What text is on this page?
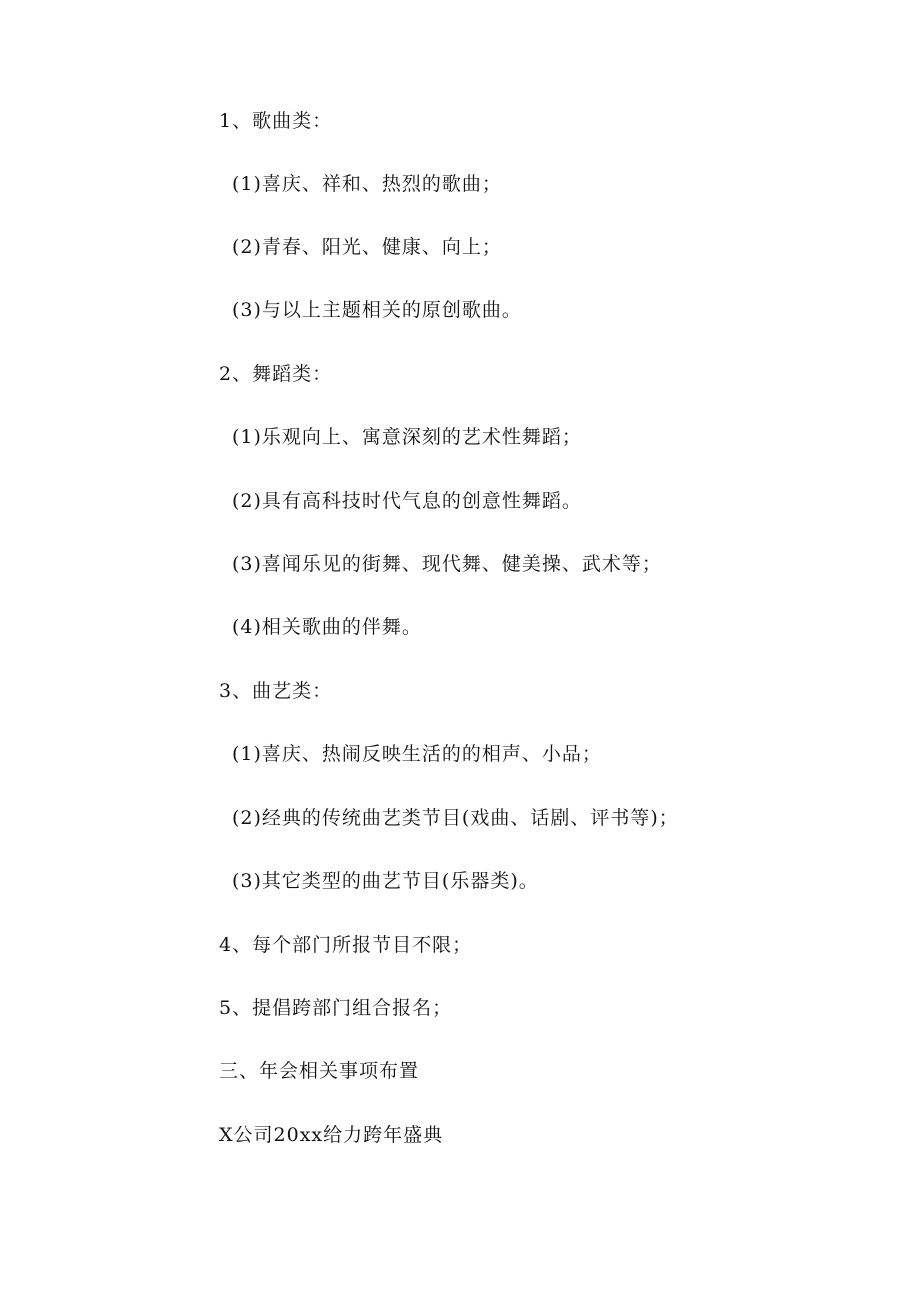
1、歌曲类：
(1)喜庆、祥和、热烈的歌曲；
(2)青春、阳光、健康、向上；
(3)与以上主题相关的原创歌曲。
2、舞蹈类：
(1)乐观向上、寓意深刻的艺术性舞蹈；
(2)具有高科技时代气息的创意性舞蹈。
(3)喜闻乐见的街舞、现代舞、健美操、武术等；
(4)相关歌曲的伴舞。
3、曲艺类：
(1)喜庆、热闹反映生活的的相声、小品；
(2)经典的传统曲艺类节目(戏曲、话剧、评书等)；
(3)其它类型的曲艺节目(乐器类)。
4、每个部门所报节目不限；
5、提倡跨部门组合报名；
三、年会相关事项布置
X公司20xx给力跨年盛典
